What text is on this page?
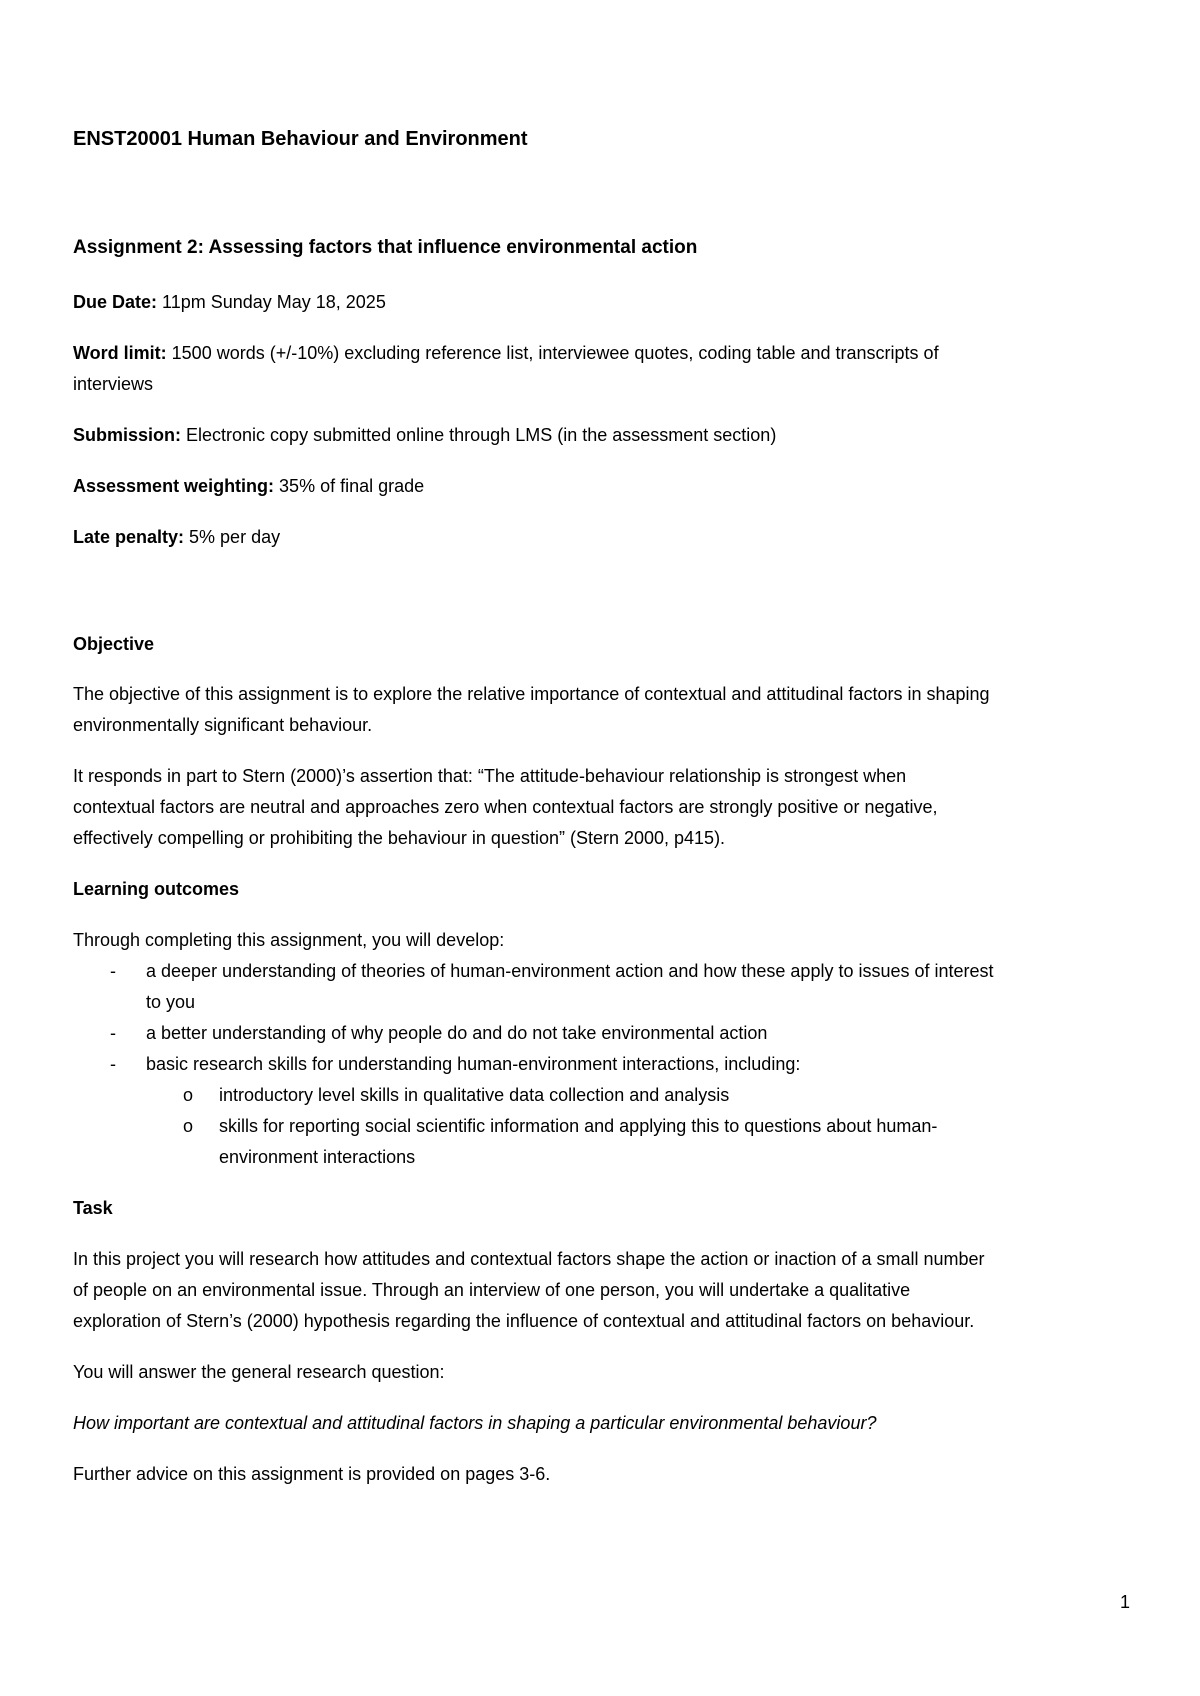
ENST20001 Human Behaviour and Environment
Assignment 2: Assessing factors that influence environmental action
Due Date: 11pm Sunday May 18, 2025
Word limit: 1500 words (+/-10%) excluding reference list, interviewee quotes, coding table and transcripts of
interviews
Submission: Electronic copy submitted online through LMS (in the assessment section)
Assessment weighting: 35% of final grade
Late penalty: 5% per day
Objective
The objective of this assignment is to explore the relative importance of contextual and attitudinal factors in shaping
environmentally significant behaviour.
It responds in part to Stern (2000)’s assertion that: “The attitude-behaviour relationship is strongest when
contextual factors are neutral and approaches zero when contextual factors are strongly positive or negative,
effectively compelling or prohibiting the behaviour in question” (Stern 2000, p415).
Learning outcomes
Through completing this assignment, you will develop:
- a deeper understanding of theories of human-environment action and how these apply to issues of interest
to you
- a better understanding of why people do and do not take environmental action
- basic research skills for understanding human-environment interactions, including:
o introductory level skills in qualitative data collection and analysis
o skills for reporting social scientific information and applying this to questions about human-
environment interactions
Task
In this project you will research how attitudes and contextual factors shape the action or inaction of a small number
of people on an environmental issue. Through an interview of one person, you will undertake a qualitative
exploration of Stern’s (2000) hypothesis regarding the influence of contextual and attitudinal factors on behaviour.
You will answer the general research question:
How important are contextual and attitudinal factors in shaping a particular environmental behaviour?
Further advice on this assignment is provided on pages 3-6.
1
